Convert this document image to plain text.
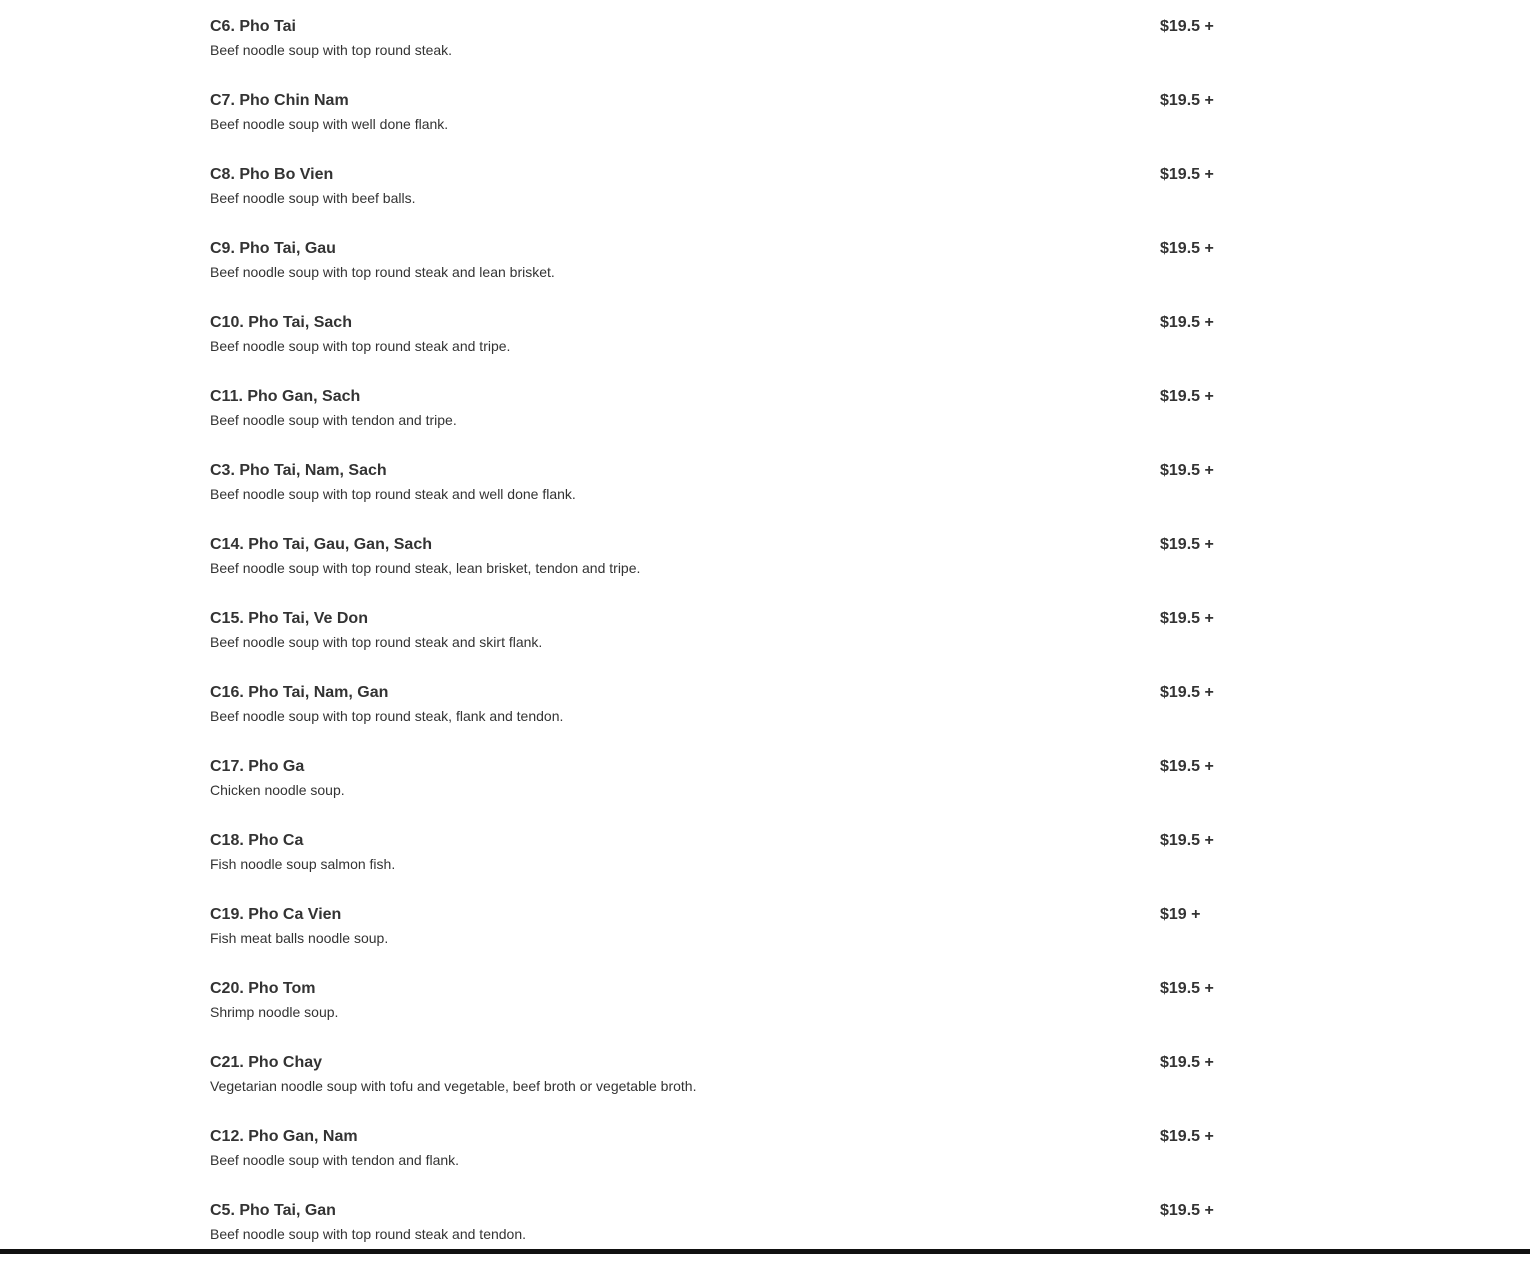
C6. Pho Tai
Beef noodle soup with top round steak.
$19.5 +
C7. Pho Chin Nam
Beef noodle soup with well done flank.
$19.5 +
C8. Pho Bo Vien
Beef noodle soup with beef balls.
$19.5 +
C9. Pho Tai, Gau
Beef noodle soup with top round steak and lean brisket.
$19.5 +
C10. Pho Tai, Sach
Beef noodle soup with top round steak and tripe.
$19.5 +
C11. Pho Gan, Sach
Beef noodle soup with tendon and tripe.
$19.5 +
C3. Pho Tai, Nam, Sach
Beef noodle soup with top round steak and well done flank.
$19.5 +
C14. Pho Tai, Gau, Gan, Sach
Beef noodle soup with top round steak, lean brisket, tendon and tripe.
$19.5 +
C15. Pho Tai, Ve Don
Beef noodle soup with top round steak and skirt flank.
$19.5 +
C16. Pho Tai, Nam, Gan
Beef noodle soup with top round steak, flank and tendon.
$19.5 +
C17. Pho Ga
Chicken noodle soup.
$19.5 +
C18. Pho Ca
Fish noodle soup salmon fish.
$19.5 +
C19. Pho Ca Vien
Fish meat balls noodle soup.
$19 +
C20. Pho Tom
Shrimp noodle soup.
$19.5 +
C21. Pho Chay
Vegetarian noodle soup with tofu and vegetable, beef broth or vegetable broth.
$19.5 +
C12. Pho Gan, Nam
Beef noodle soup with tendon and flank.
$19.5 +
C5. Pho Tai, Gan
Beef noodle soup with top round steak and tendon.
$19.5 +
